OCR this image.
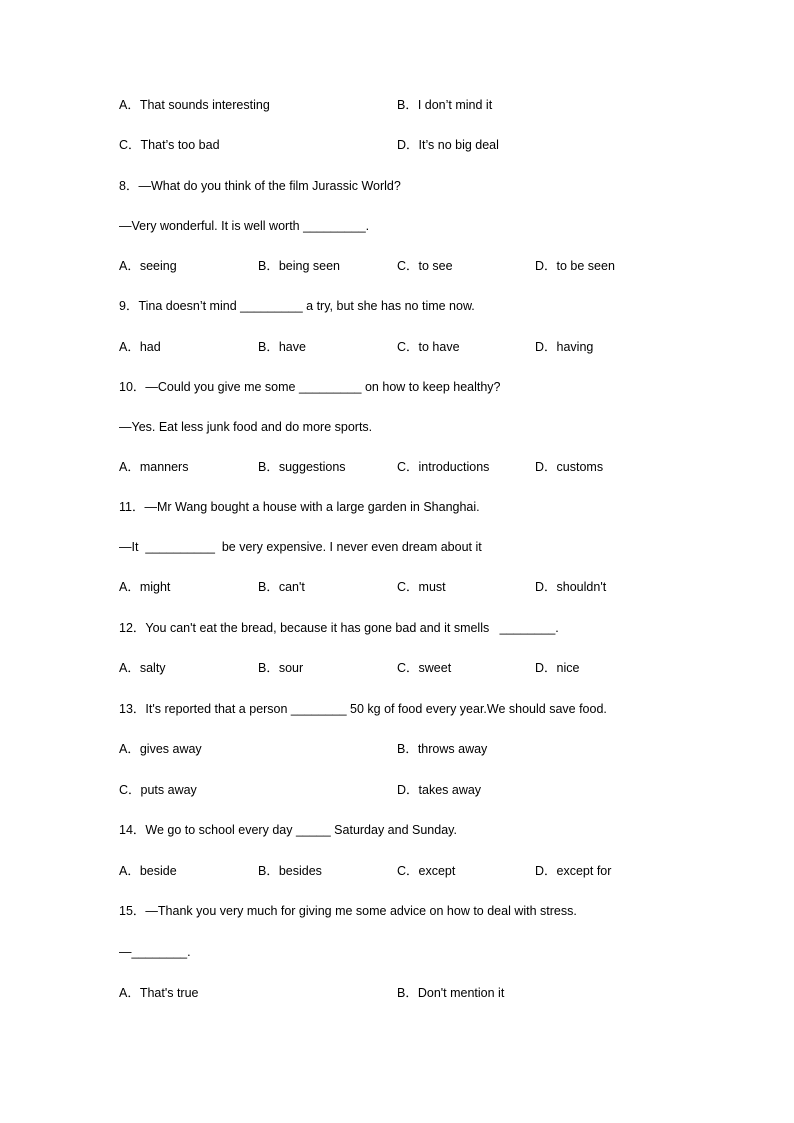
A．That sounds interesting	B．I don’t mind it
C．That’s too bad	D．It’s no big deal
8．—What do you think of the film Jurassic World?
—Very wonderful. It is well worth _________.
A．seeing	B．being seen	C．to see	D．to be seen
9．Tina doesn’t mind _________ a try, but she has no time now.
A．had	B．have	C．to have	D．having
10．—Could you give me some _________ on how to keep healthy?
—Yes. Eat less junk food and do more sports.
A．manners	B．suggestions	C．introductions	D．customs
11．—Mr Wang bought a house with a large garden in Shanghai.
—It  __________  be very expensive. I never even dream about it
A．might	B．can't	C．must	D．shouldn't
12．You can't eat the bread, because it has gone bad and it smells   ________.
A．salty	B．sour	C．sweet	D．nice
13．It's reported that a person ________ 50 kg of food every year.We should save food.
A．gives away	B．throws away
C．puts away	D．takes away
14．We go to school every day _____ Saturday and Sunday.
A．beside	B．besides	C．except	D．except for
15．—Thank you very much for giving me some advice on how to deal with stress.
—________.
A．That's true	B．Don't mention it
